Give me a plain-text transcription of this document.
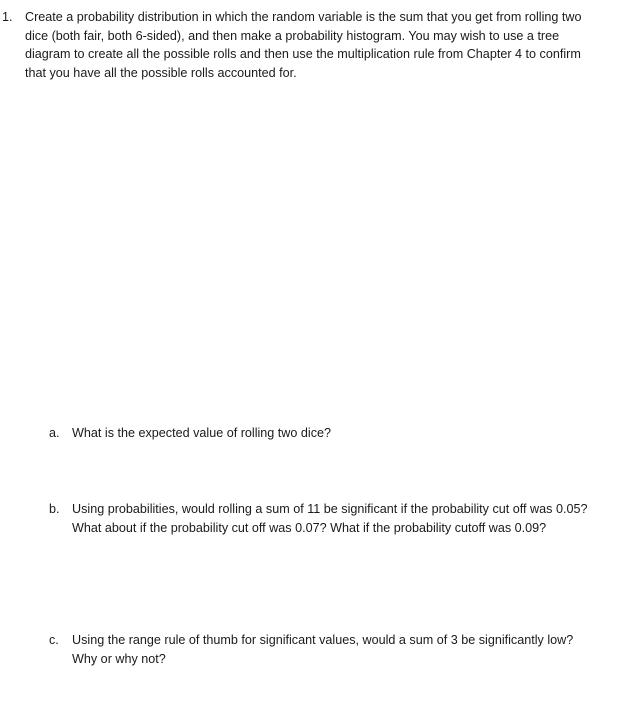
1. Create a probability distribution in which the random variable is the sum that you get from rolling two dice (both fair, both 6-sided), and then make a probability histogram. You may wish to use a tree diagram to create all the possible rolls and then use the multiplication rule from Chapter 4 to confirm that you have all the possible rolls accounted for.
a. What is the expected value of rolling two dice?
b. Using probabilities, would rolling a sum of 11 be significant if the probability cut off was 0.05? What about if the probability cut off was 0.07? What if the probability cutoff was 0.09?
c.	Using the range rule of thumb for significant values, would a sum of 3 be significantly low? Why or why not?
